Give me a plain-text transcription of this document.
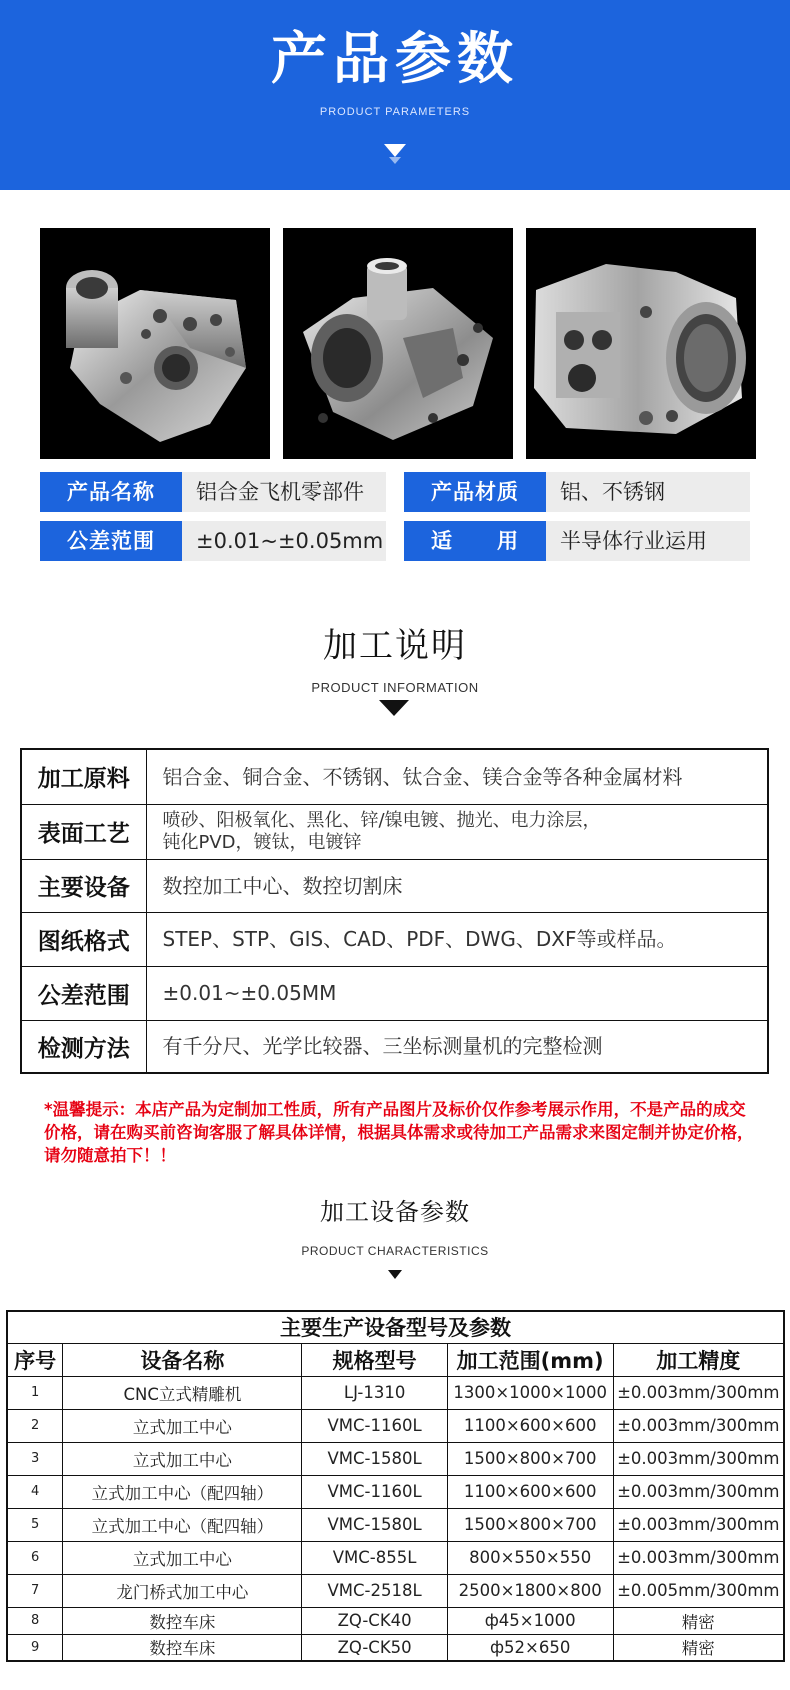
产品参数
PRODUCT PARAMETERS
产品名称	铝合金飞机零部件	产品材质	铝、不锈钢
公差范围	±0.01~±0.05mm	适　　用	半导体行业运用
加工说明
PRODUCT INFORMATION
加工原料	铝合金、铜合金、不锈钢、钛合金、镁合金等各种金属材料

表面工艺	喷砂、阳极氧化、黑化、锌/镍电镀、抛光、电力涂层，
钝化PVD，镀钛，电镀锌

主要设备	数控加工中心、数控切割床

图纸格式	STEP、STP、GIS、CAD、PDF、DWG、DXF等或样品。

公差范围	±0.01~±0.05MM

检测方法	有千分尺、光学比较器、三坐标测量机的完整检测
*温馨提示：本店产品为定制加工性质，所有产品图片及标价仅作参考展示作用，不是产品的成交价格，请在购买前咨询客服了解具体详情，根据具体需求或待加工产品需求来图定制并协定价格，请勿随意拍下！！
加工设备参数
PRODUCT CHARACTERISTICS
主要生产设备型号及参数				
序号	设备名称	规格型号	加工范围(mm)	加工精度
1	CNC立式精雕机	LJ-1310	1300×1000×1000	±0.003mm/300mm
2	立式加工中心	VMC-1160L	1100×600×600	±0.003mm/300mm
3	立式加工中心	VMC-1580L	1500×800×700	±0.003mm/300mm
4	立式加工中心（配四轴）	VMC-1160L	1100×600×600	±0.003mm/300mm
5	立式加工中心（配四轴）	VMC-1580L	1500×800×700	±0.003mm/300mm
6	立式加工中心	VMC-855L	800×550×550	±0.003mm/300mm
7	龙门桥式加工中心	VMC-2518L	2500×1800×800	±0.005mm/300mm
8	数控车床	ZQ-CK40	ф45×1000	精密
9	数控车床	ZQ-CK50	ф52×650	精密
